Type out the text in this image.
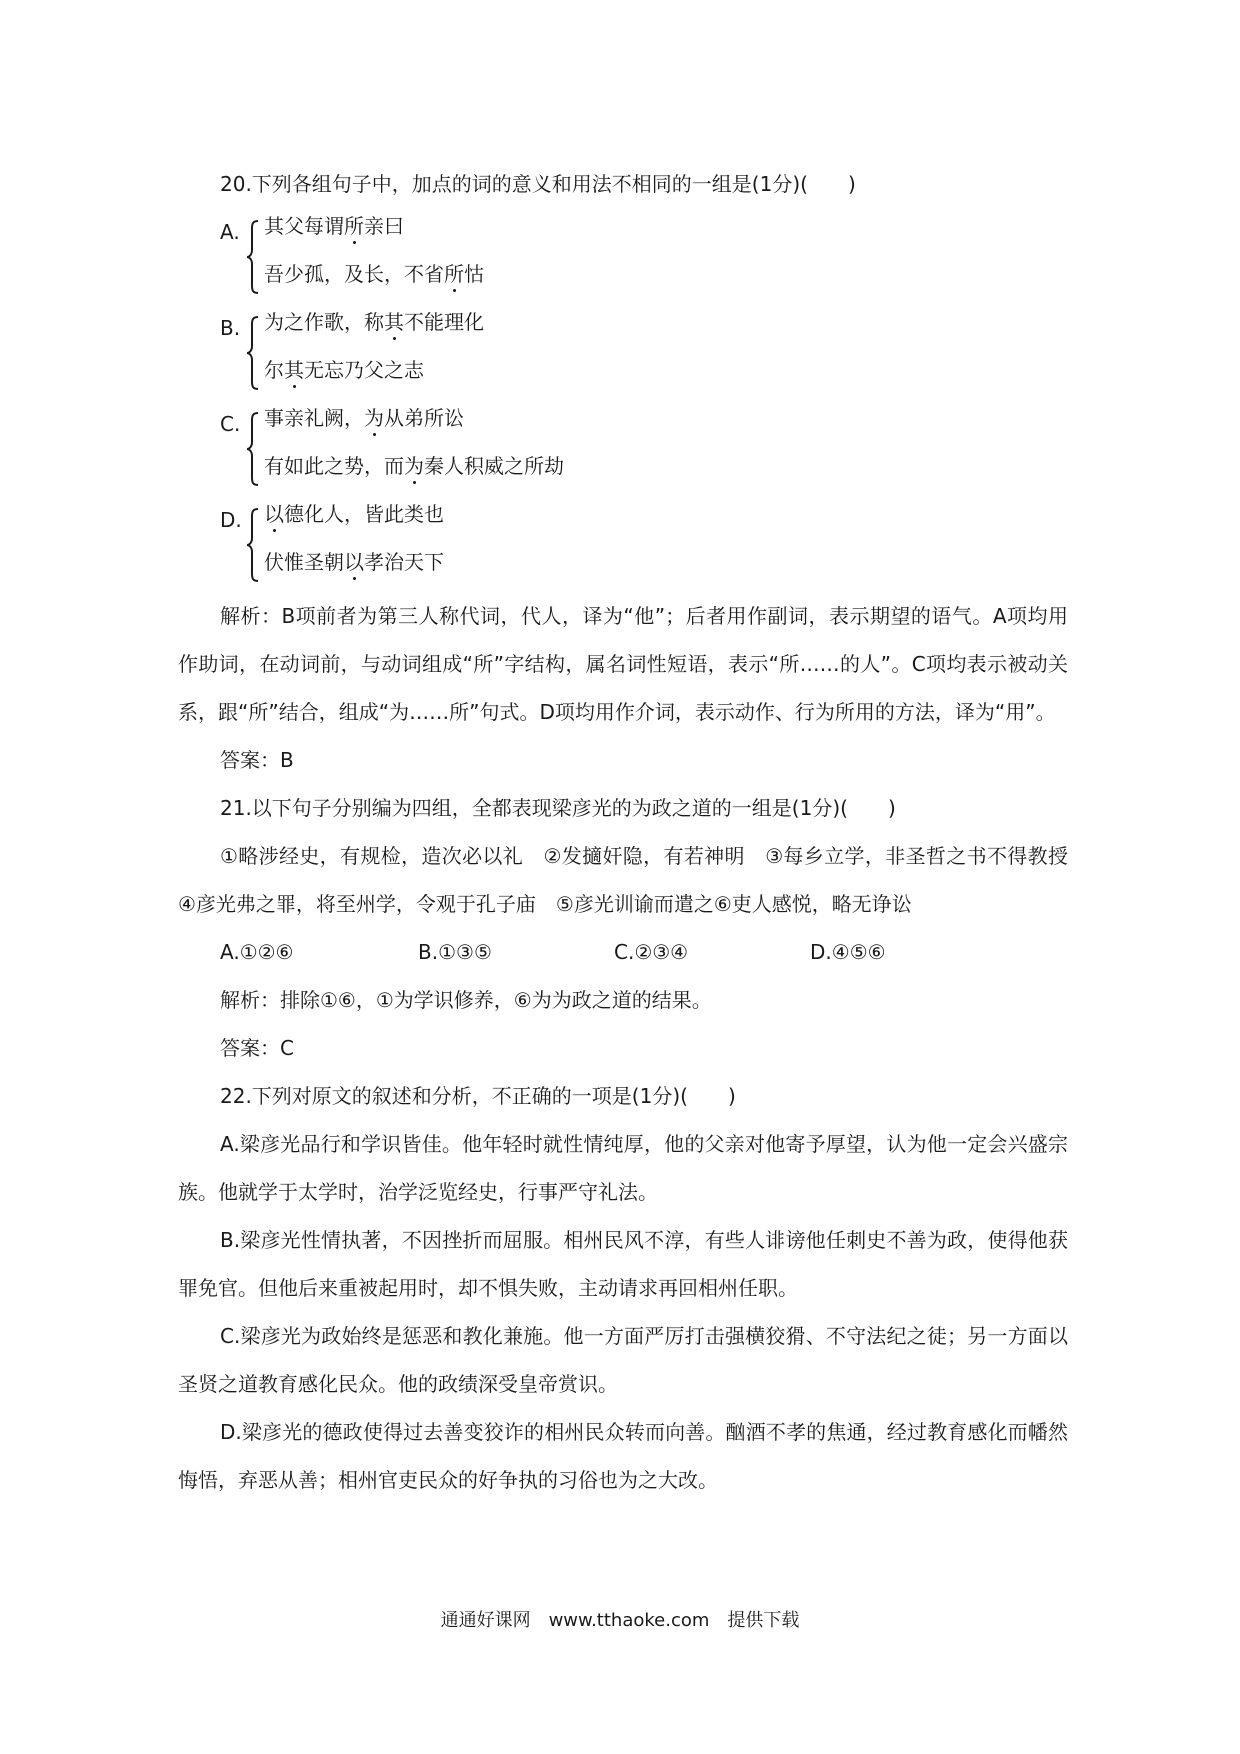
20.下列各组句子中，加点的词的意义和用法不相同的一组是(1分)(　　)
A. 其父每谓所亲曰
吾少孤，及长，不省所怙
B. 为之作歌，称其不能理化
尔其无忘乃父之志
C. 事亲礼阙，为从弟所讼
有如此之势，而为秦人积威之所劫
D. 以德化人，皆此类也
伏惟圣朝以孝治天下
解析：B项前者为第三人称代词，代人，译为“他”；后者用作副词，表示期望的语气。A项均用作助词，在动词前，与动词组成“所”字结构，属名词性短语，表示“所……的人”。C项均表示被动关系，跟“所”结合，组成“为……所”句式。D项均用作介词，表示动作、行为所用的方法，译为“用”。
答案：B
21.以下句子分别编为四组，全都表现梁彦光的为政之道的一组是(1分)(　　)
①略涉经史，有规检，造次必以礼　②发擿奸隐，有若神明　③每乡立学，非圣哲之书不得教授　④彦光弗之罪，将至州学，令观于孔子庙　⑤彦光训谕而遣之⑥吏人感悦，略无诤讼
A.①②⑥	B.①③⑤	C.②③④	D.④⑤⑥
解析：排除①⑥，①为学识修养，⑥为为政之道的结果。
答案：C
22.下列对原文的叙述和分析，不正确的一项是(1分)(　　)
A.梁彦光品行和学识皆佳。他年轻时就性情纯厚，他的父亲对他寄予厚望，认为他一定会兴盛宗族。他就学于太学时，治学泛览经史，行事严守礼法。
B.梁彦光性情执著，不因挫折而屈服。相州民风不淳，有些人诽谤他任刺史不善为政，使得他获罪免官。但他后来重被起用时，却不惧失败，主动请求再回相州任职。
C.梁彦光为政始终是惩恶和教化兼施。他一方面严厉打击强横狡猾、不守法纪之徒；另一方面以圣贤之道教育感化民众。他的政绩深受皇帝赏识。
D.梁彦光的德政使得过去善变狡诈的相州民众转而向善。酗酒不孝的焦通，经过教育感化而幡然悔悟，弃恶从善；相州官吏民众的好争执的习俗也为之大改。
通通好课网　www.tthaoke.com　提供下载
